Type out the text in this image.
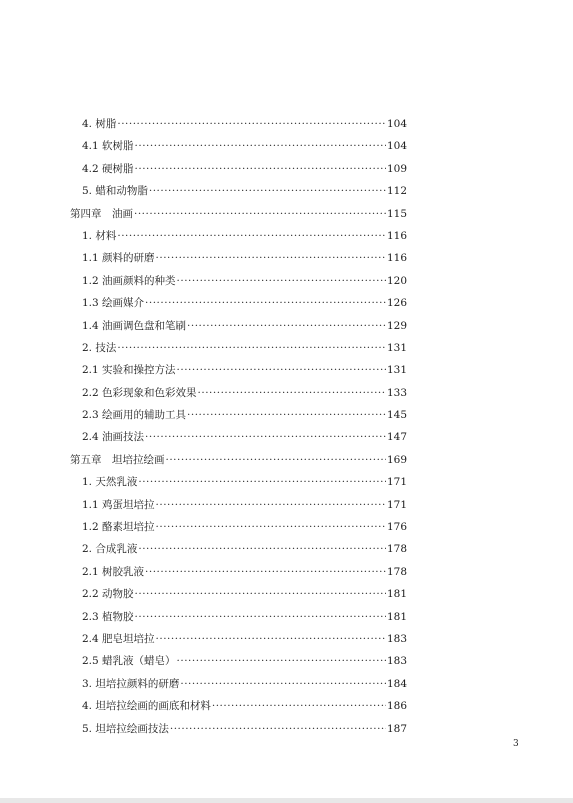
4. 树脂 ·····	104
4.1 软树脂 ·····	104
4.2 硬树脂 ·····	109
5. 蜡和动物脂 ·····	112
第四章　油画 ·····	115
1. 材料 ·····	116
1.1 颜料的研磨 ·····	116
1.2 油画颜料的种类 ·····	120
1.3 绘画媒介 ·····	126
1.4 油画调色盘和笔刷 ·····	129
2. 技法 ·····	131
2.1 实验和操控方法 ·····	131
2.2 色彩现象和色彩效果 ·····	133
2.3 绘画用的辅助工具 ·····	145
2.4 油画技法 ·····	147
第五章　坦培拉绘画 ·····	169
1. 天然乳液 ·····	171
1.1 鸡蛋坦培拉 ·····	171
1.2 酪素坦培拉 ·····	176
2. 合成乳液 ·····	178
2.1 树胶乳液 ·····	178
2.2 动物胶 ·····	181
2.3 植物胶 ·····	181
2.4 肥皂坦培拉 ·····	183
2.5 蜡乳液（蜡皂） ·····	183
3. 坦培拉颜料的研磨 ·····	184
4. 坦培拉绘画的画底和材料 ·····	186
5. 坦培拉绘画技法 ·····	187
3
